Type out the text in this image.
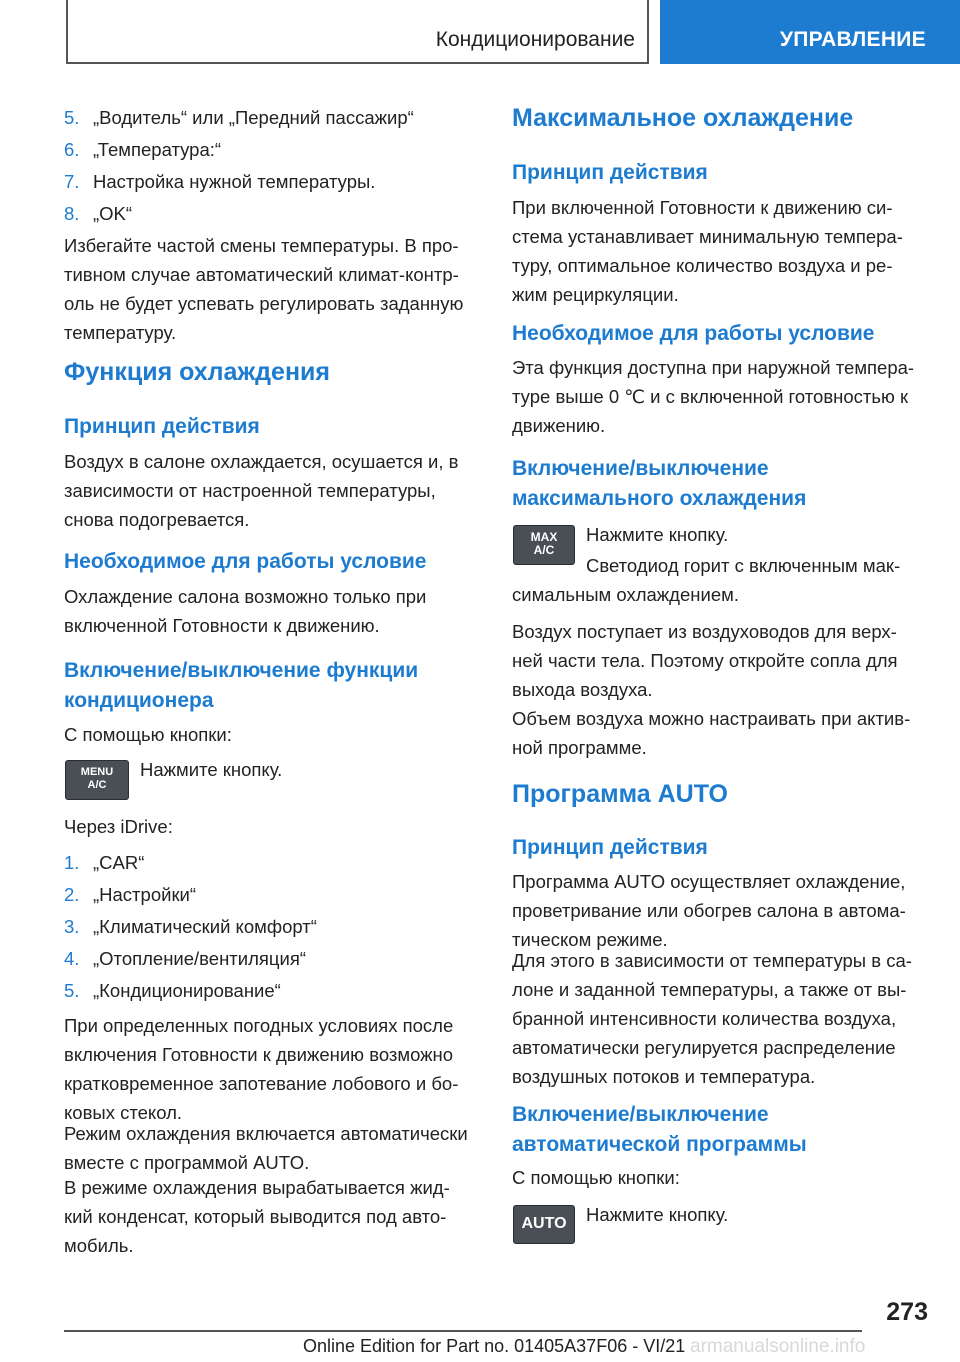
Кондиционирование	УПРАВЛЕНИЕ
5. „Водитель“ или „Передний пассажир“
6. „Температура:“
7. Настройка нужной температуры.
8. „OK“

Избегайте частой смены температуры. В про-
тивном случае автоматический климат-контр-
оль не будет успевать регулировать заданную
температуру.

Функция охлаждения
Принцип действия

Воздух в салоне охлаждается, осушается и, в
зависимости от настроенной температуры,
снова подогревается.

Необходимое для работы условие

Охлаждение салона возможно только при
включенной Готовности к движению.

Включение/выключение функции
кондиционера

С помощью кнопки:

MENU
A/C

Нажмите кнопку.

Через iDrive:

1. „CAR“
2. „Настройки“
3. „Климатический комфорт“
4. „Отопление/вентиляция“
5. „Кондиционирование“

При определенных погодных условиях после
включения Готовности к движению возможно
кратковременное запотевание лобового и бо-
ковых стекол.

Режим охлаждения включается автоматически
вместе с программой AUTO.

В режиме охлаждения вырабатывается жид-
кий конденсат, который выводится под авто-
мобиль.

Максимальное охлаждение
Принцип действия

При включенной Готовности к движению си-
стема устанавливает минимальную темпера-
туру, оптимальное количество воздуха и ре-
жим рециркуляции.

Необходимое для работы условие

Эта функция доступна при наружной темпера-
туре выше 0 ℃ и с включенной готовностью к
движению.

Включение/выключение
максимального охлаждения
MAX
A/C

Нажмите кнопку.

Светодиод горит с включенным мак-

симальным охлаждением.

Воздух поступает из воздуховодов для верх-
ней части тела. Поэтому откройте сопла для
выхода воздуха.

Объем воздуха можно настраивать при актив-
ной программе.

Программа AUTO
Принцип действия

Программа AUTO осуществляет охлаждение,
проветривание или обогрев салона в автома-
тическом режиме.

Для этого в зависимости от температуры в са-
лоне и заданной температуры, а также от вы-
бранной интенсивности количества воздуха,
автоматически регулируется распределение
воздушных потоков и температура.

Включение/выключение
автоматической программы

С помощью кнопки:

AUTO	Нажмите кнопку.

273
Online Edition for Part no. 01405A37F06 - VI/21 armanualsonline.info
